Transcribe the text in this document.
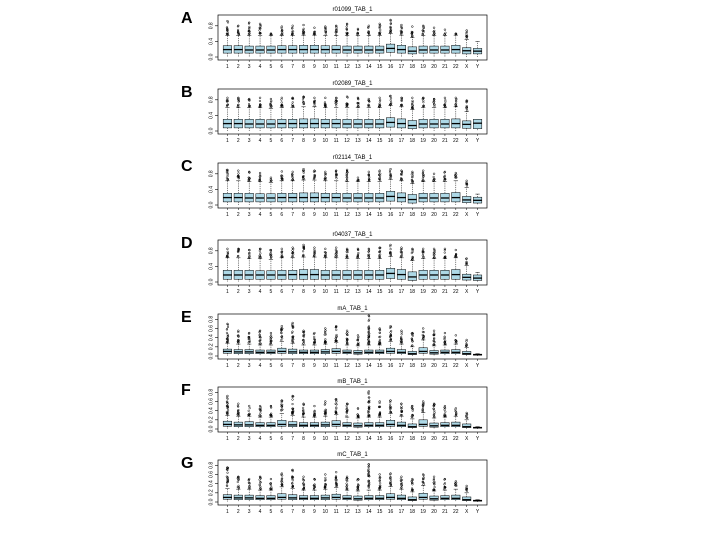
A	r01099_TAB_1
0.0
0.4
0.8
1 2 3 4 5 6 7 8 9 10 11 12 13 14 15 16 17 18 19 20 21 22 X Y
B	r02089_TAB_1
0.0
0.4
0.8
1 2 3 4 5 6 7 8 9 10 11 12 13 14 15 16 17 18 19 20 21 22 X Y
C	r02114_TAB_1
0.0
0.4
0.8
1 2 3 4 5 6 7 8 9 10 11 12 13 14 15 16 17 18 19 20 21 22 X Y
D	r04037_TAB_1
0.0
0.4
0.8
1 2 3 4 5 6 7 8 9 10 11 12 13 14 15 16 17 18 19 20 21 22 X Y
E	mA_TAB_1
0.0
0.2
0.4
0.6
0.8
1 2 3 4 5 6 7 8 9 10 11 12 13 14 15 16 17 18 19 20 21 22 X Y
F	mB_TAB_1
0.0
0.2
0.4
0.6
0.8
1 2 3 4 5 6 7 8 9 10 11 12 13 14 15 16 17 18 19 20 21 22 X Y
G	mC_TAB_1
0.0
0.2
0.4
0.6
0.8
1 2 3 4 5 6 7 8 9 10 11 12 13 14 15 16 17 18 19 20 21 22 X Y
